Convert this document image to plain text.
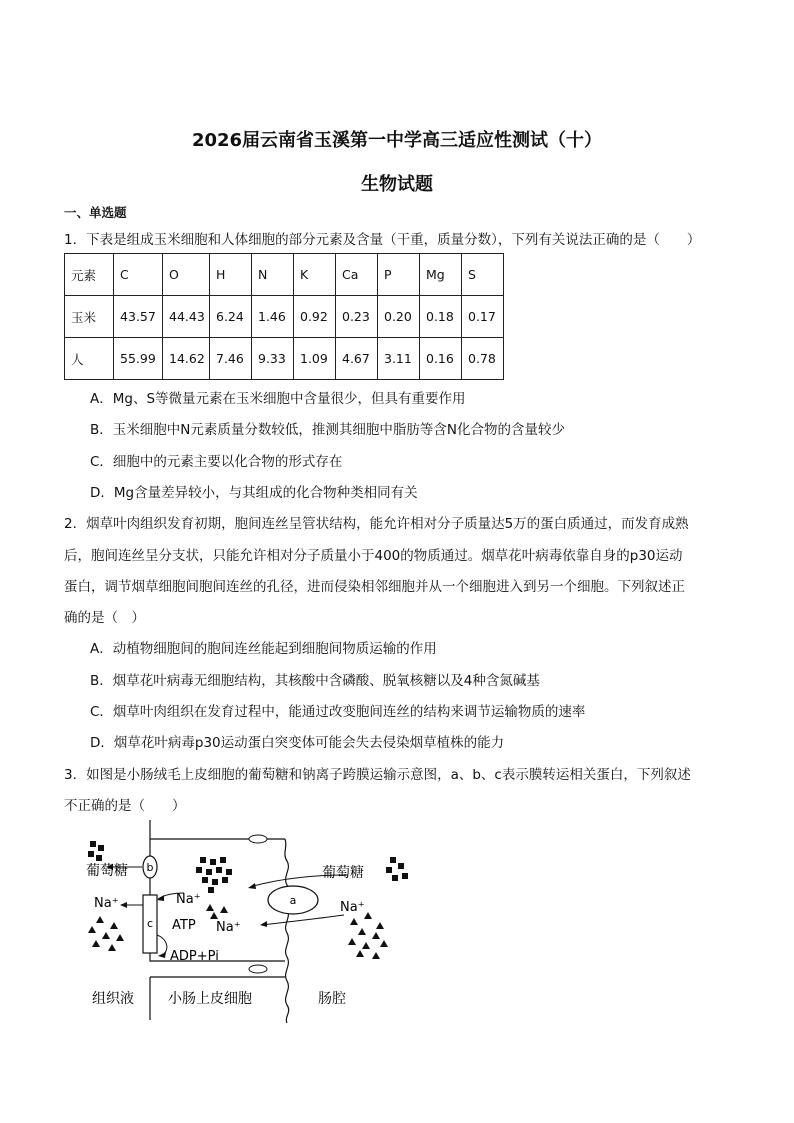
2026届云南省玉溪第一中学高三适应性测试（十）
生物试题
一、单选题
1．下表是组成玉米细胞和人体细胞的部分元素及含量（干重，质量分数），下列有关说法正确的是（　　）
元素	C	O	H	N	K	Ca	P	Mg	S
玉米	43.57	44.43	6.24	1.46	0.92	0.23	0.20	0.18	0.17
人	55.99	14.62	7.46	9.33	1.09	4.67	3.11	0.16	0.78
A．Mg、S等微量元素在玉米细胞中含量很少，但具有重要作用
B．玉米细胞中N元素质量分数较低，推测其细胞中脂肪等含N化合物的含量较少
C．细胞中的元素主要以化合物的形式存在
D．Mg含量差异较小，与其组成的化合物种类相同有关
2．烟草叶肉组织发育初期，胞间连丝呈管状结构，能允许相对分子质量达5万的蛋白质通过，而发育成熟
后，胞间连丝呈分支状，只能允许相对分子质量小于400的物质通过。烟草花叶病毒依靠自身的p30运动
蛋白，调节烟草细胞间胞间连丝的孔径，进而侵染相邻细胞并从一个细胞进入到另一个细胞。下列叙述正
确的是（　）
A．动植物细胞间的胞间连丝能起到细胞间物质运输的作用
B．烟草花叶病毒无细胞结构，其核酸中含磷酸、脱氧核糖以及4种含氮碱基
C．烟草叶肉组织在发育过程中，能通过改变胞间连丝的结构来调节运输物质的速率
D．烟草花叶病毒p30运动蛋白突变体可能会失去侵染烟草植株的能力
3．如图是小肠绒毛上皮细胞的葡萄糖和钠离子跨膜运输示意图，a、b、c表示膜转运相关蛋白，下列叙述
不正确的是（　　）
b
c
a
葡萄糖	葡萄糖
Na⁺	Na⁺
Na⁺
Na⁺
ATP
ADP+Pi
组织液 小肠上皮细胞	肠腔
